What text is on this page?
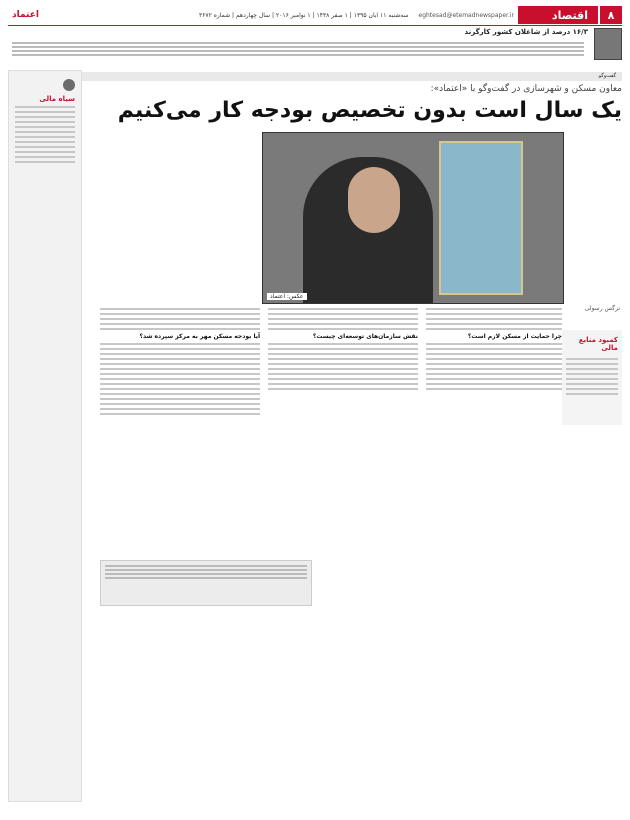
۸
اقتصاد
eghtesad@etemadnewspaper.ir
سه‌شنبه ۱۱ آبان ۱۳۹۵ | ۱ صفر ۱۴۳۸ | ۱ نوامبر ۲۰۱۶ | سال چهاردهم | شماره ۳۶۷۲
اعتماد
۱۶/۳ درصد از شاغلان کشور کارگرند
گفت‌وگو
سیاه مالی
معاون مسکن و شهرسازی در گفت‌وگو با «اعتماد»:
یک سال است بدون تخصیص بودجه کار می‌کنیم
عکس: اعتماد
ترگس رسولی
کمبود منابع مالی
آیا بودجه مسکن مهر به مرکز سپرده شد؟	نقش سازمان‌های توسعه‌ای چیست؟	چرا حمایت از مسکن لازم است؟
